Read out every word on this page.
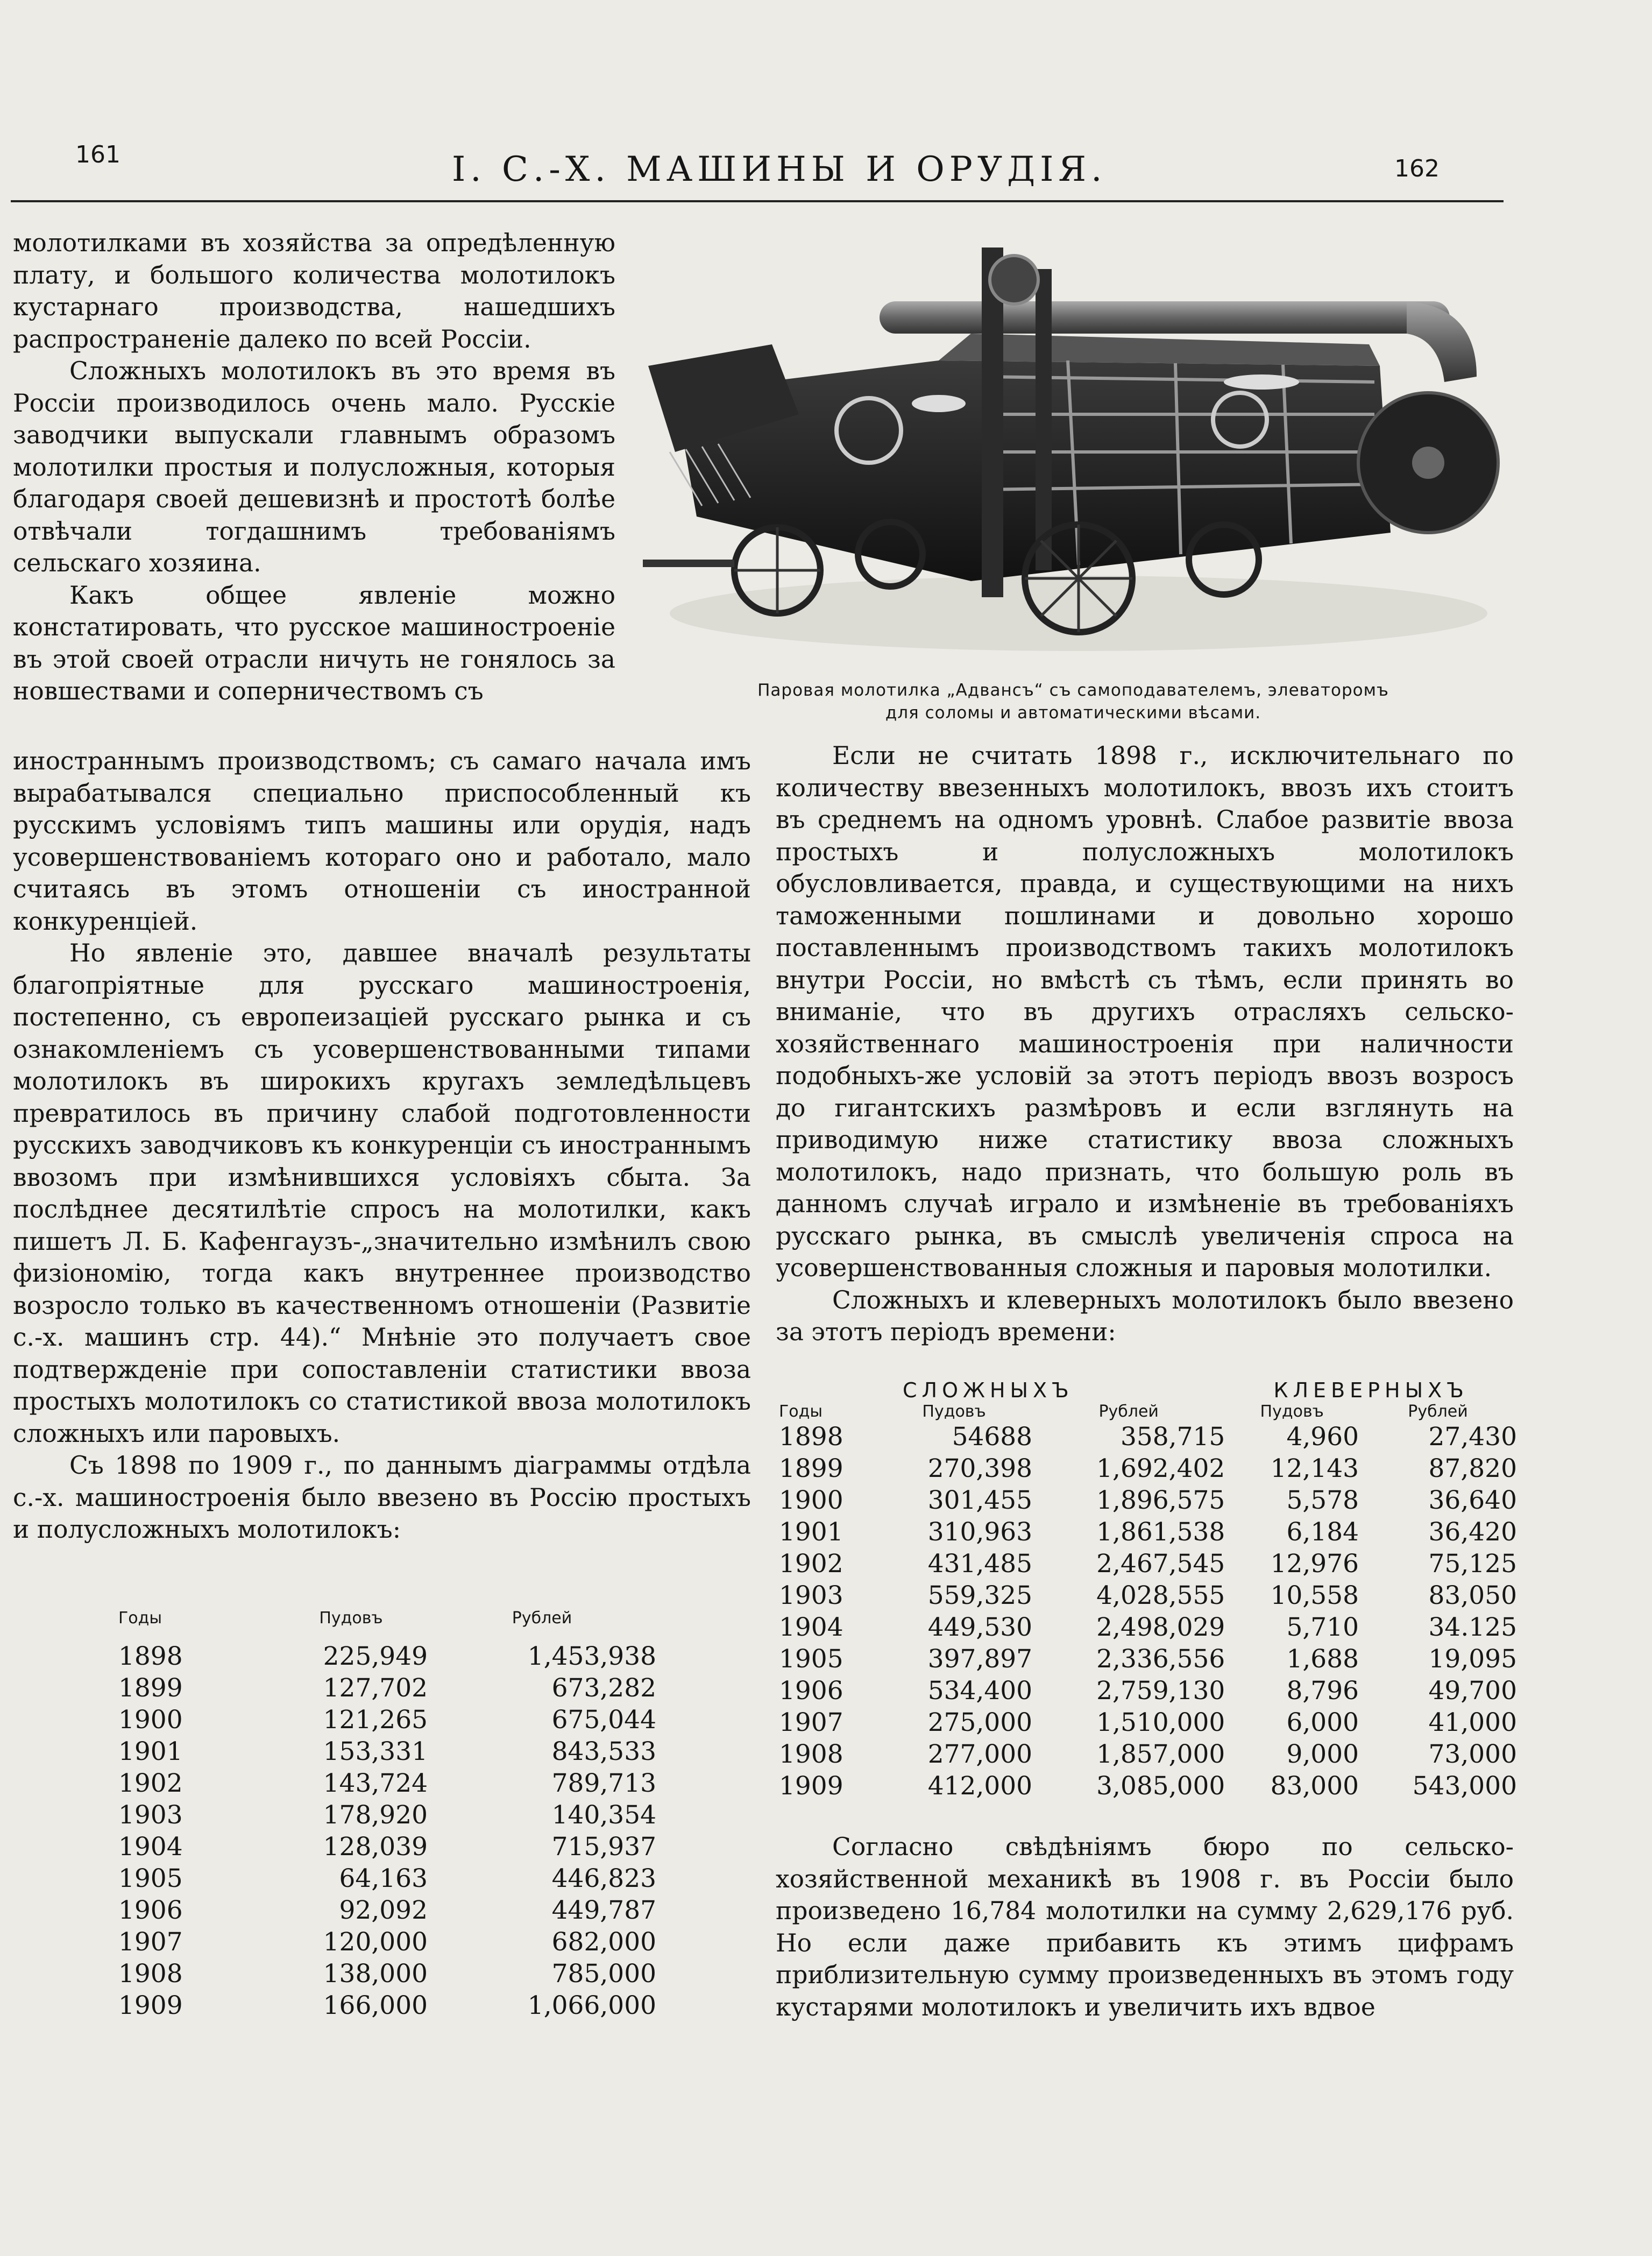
161	I. С.-Х. МАШИНЫ И ОРУДIЯ.	162

молотилками въ хозяйства за опредѣленную плату, и большого количества молотилокъ кустарнаго производства, нашедшихъ распространенiе далеко по всей Россiи.

Сложныхъ молотилокъ въ это время въ Россiи производилось очень мало. Русскiе заводчики выпускали главнымъ образомъ молотилки простыя и полусложныя, которыя благодаря своей дешевизнѣ и простотѣ болѣе отвѣчали тогдашнимъ требованiямъ сельскаго хозяина.

Какъ общее явленiе можно констатировать, что русское машиностроенiе въ этой своей отрасли ничуть не гонялось за новшествами и соперничествомъ съ	Паровая молотилка „Адвансъ“ съ самоподавателемъ, элеваторомъ
для соломы и автоматическими вѣсами.

иностраннымъ производствомъ; съ самаго начала имъ вырабатывался специально приспособленный къ русскимъ условiямъ типъ машины или орудiя, надъ усовершенствованiемъ котораго оно и работало, мало считаясь въ этомъ отношенiи съ иностранной конкуренцiей.

Но явленiе это, давшее вначалѣ результаты благопрiятные для русскаго машиностроенiя, постепенно, съ европеизацiей русскаго рынка и съ ознакомленiемъ съ усовершенствованными типами молотилокъ въ широкихъ кругахъ земледѣльцевъ превратилось въ причину слабой подготовленности русскихъ заводчиковъ къ конкуренцiи съ иностраннымъ ввозомъ при измѣнившихся условiяхъ сбыта. За послѣднее десятилѣтiе спросъ на молотилки, какъ пишетъ Л. Б. Кафенгаузъ-„значительно измѣнилъ свою физiономiю, тогда какъ внутреннее производство возросло только въ качественномъ отношенiи (Развитiе с.-х. машинъ стр. 44).“ Мнѣнiе это получаетъ свое подтвержденiе при сопоставленiи статистики ввоза простыхъ молотилокъ со статистикой ввоза молотилокъ сложныхъ или паровыхъ.

Съ 1898 по 1909 г., по даннымъ дiаграммы отдѣла с.-х. машиностроенiя было ввезено въ Россiю простыхъ и полусложныхъ молотилокъ:

Годы	Пудовъ	Рублей

1898	225,949	1,453,938
1899	127,702	673,282
1900	121,265	675,044
1901	153,331	843,533
1902	143,724	789,713
1903	178,920	140,354
1904	128,039	715,937
1905	64,163	446,823
1906	92,092	449,787
1907	120,000	682,000
1908	138,000	785,000
1909	166,000	1,066,000

Если не считать 1898 г., исключительнаго по количеству ввезенныхъ молотилокъ, ввозъ ихъ стоитъ въ среднемъ на одномъ уровнѣ. Слабое развитiе ввоза простыхъ и полусложныхъ молотилокъ обусловливается, правда, и существующими на нихъ таможенными пошлинами и довольно хорошо поставленнымъ производствомъ такихъ молотилокъ внутри Россiи, но вмѣстѣ съ тѣмъ, если принять во вниманiе, что въ другихъ отрасляхъ сельско-хозяйственнаго машиностроенiя при наличности подобныхъ-же условiй за этотъ перiодъ ввозъ возросъ до гигантскихъ размѣровъ и если взглянуть на приводимую ниже статистику ввоза сложныхъ молотилокъ, надо признать, что большую роль въ данномъ случаѣ играло и измѣненiе въ требованiяхъ русскаго рынка, въ смыслѣ увеличенiя спроса на усовершенствованныя сложныя и паровыя молотилки.

Сложныхъ и клеверныхъ молотилокъ было ввезено за этотъ перiодъ времени:

	СЛОЖНЫХЪ		КЛЕВЕРНЫХЪ	
Годы	Пудовъ	Рублей	Пудовъ	Рублей
1898	54688	358,715	4,960	27,430
1899	270,398	1,692,402	12,143	87,820
1900	301,455	1,896,575	5,578	36,640
1901	310,963	1,861,538	6,184	36,420
1902	431,485	2,467,545	12,976	75,125
1903	559,325	4,028,555	10,558	83,050
1904	449,530	2,498,029	5,710	34.125
1905	397,897	2,336,556	1,688	19,095
1906	534,400	2,759,130	8,796	49,700
1907	275,000	1,510,000	6,000	41,000
1908	277,000	1,857,000	9,000	73,000
1909	412,000	3,085,000	83,000	543,000

Согласно свѣдѣнiямъ бюро по сельско-хозяйственной механикѣ въ 1908 г. въ Россiи было произведено 16,784 молотилки на сумму 2,629,176 руб. Но если даже прибавить къ этимъ цифрамъ приблизительную сумму произведенныхъ въ этомъ году кустарями молотилокъ и увеличить ихъ вдвое
